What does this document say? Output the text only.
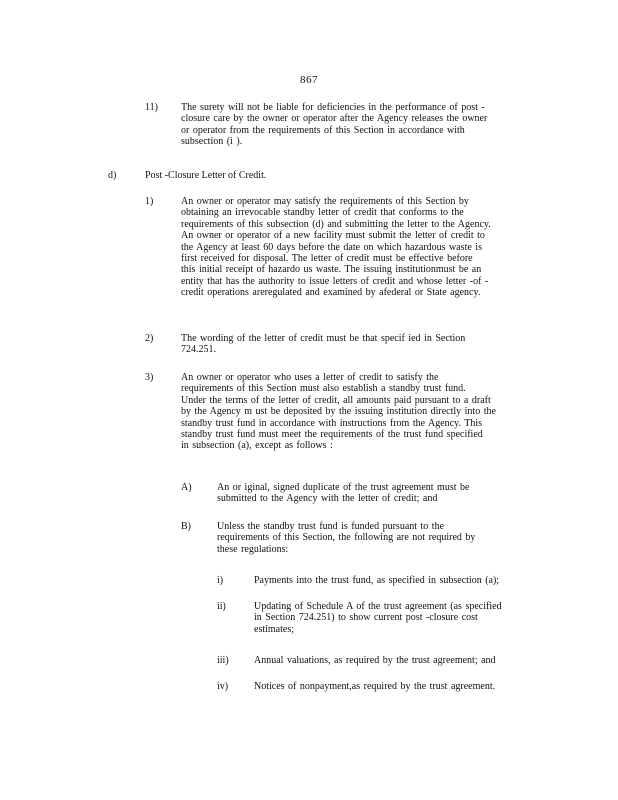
867
11) The surety will not be liable for deficiencies in the performance of post -
closure care by the owner or operator after the Agency releases the owner
or operator from the requirements of this Section in accordance with
subsection (i ).
d)	Post -Closure Letter of Credit.
1)	An owner or operator may satisfy the requirements of this Section by
obtaining an irrevocable standby letter of credit that conforms to the
requirements of this subsection (d) and submitting the letter to the Agency.
An owner or operator of a new facility must submit the letter of credit to
the Agency at least 60 days before the date on which hazardous waste is
first received for disposal. The letter of credit must be effective before
this initial receipt of hazardo us waste. The issuing institutionmust be an
entity that has the authority to issue letters of credit and whose letter -of -
credit operations areregulated and examined by afederal or State agency.
2)	The wording of the letter of credit must be that specif ied in Section
724.251.
3)	An owner or operator who uses a letter of credit to satisfy the
requirements of this Section must also establish a standby trust fund.
Under the terms of the letter of credit, all amounts paid pursuant to a draft
by the Agency m ust be deposited by the issuing institution directly into the
standby trust fund in accordance with instructions from the Agency. This
standby trust fund must meet the requirements of the trust fund specified
in subsection (a), except as follows :
A)	An or iginal, signed duplicate of the trust agreement must be
submitted to the Agency with the letter of credit; and
B)	Unless the standby trust fund is funded pursuant to the
requirements of this Section, the following are not required by
these regulations:
i)	Payments into the trust fund, as specified in subsection (a);
ii)	Updating of Schedule A of the trust agreement (as specified
in Section 724.251) to show current post -closure cost
estimates;
iii)	Annual valuations, as required by the trust agreement; and
iv)	Notices of nonpayment,as required by the trust agreement.
